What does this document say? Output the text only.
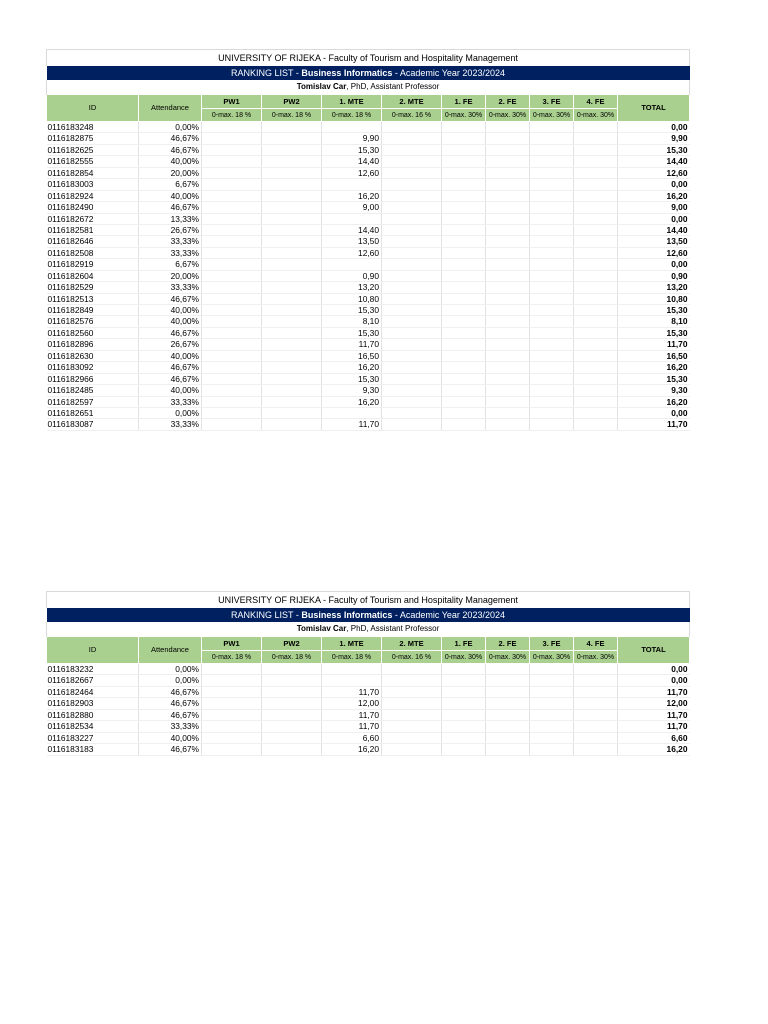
UNIVERSITY OF RIJEKA - Faculty of Tourism and Hospitality Management										
RANKING LIST - Business Informatics - Academic Year 2023/2024										
Tomislav Car, PhD, Assistant Professor										
ID	Attendance	PW1	PW2	1. MTE	2. MTE	1. FE	2. FE	3. FE	4. FE	TOTAL
		0-max. 18 %	0-max. 18 %	0-max. 18 %	0-max. 16 %	0-max. 30%	0-max. 30%	0-max. 30%	0-max. 30%	
0116183248	0,00%									0,00
0116182875	46,67%			9,90						9,90
0116182625	46,67%			15,30						15,30
0116182555	40,00%			14,40						14,40
0116182854	20,00%			12,60						12,60
0116183003	6,67%									0,00
0116182924	40,00%			16,20						16,20
0116182490	46,67%			9,00						9,00
0116182672	13,33%									0,00
0116182581	26,67%			14,40						14,40
0116182646	33,33%			13,50						13,50
0116182508	33,33%			12,60						12,60
0116182919	6,67%									0,00
0116182604	20,00%			0,90						0,90
0116182529	33,33%			13,20						13,20
0116182513	46,67%			10,80						10,80
0116182849	40,00%			15,30						15,30
0116182576	40,00%			8,10						8,10
0116182560	46,67%			15,30						15,30
0116182896	26,67%			11,70						11,70
0116182630	40,00%			16,50						16,50
0116183092	46,67%			16,20						16,20
0116182966	46,67%			15,30						15,30
0116182485	40,00%			9,30						9,30
0116182597	33,33%			16,20						16,20
0116182651	0,00%									0,00
0116183087	33,33%			11,70						11,70
UNIVERSITY OF RIJEKA - Faculty of Tourism and Hospitality Management										
RANKING LIST - Business Informatics - Academic Year 2023/2024										
Tomislav Car, PhD, Assistant Professor										
ID	Attendance	PW1	PW2	1. MTE	2. MTE	1. FE	2. FE	3. FE	4. FE	TOTAL
		0-max. 18 %	0-max. 18 %	0-max. 18 %	0-max. 16 %	0-max. 30%	0-max. 30%	0-max. 30%	0-max. 30%	
0116183232	0,00%									0,00
0116182667	0,00%									0,00
0116182464	46,67%			11,70						11,70
0116182903	46,67%			12,00						12,00
0116182880	46,67%			11,70						11,70
0116182534	33,33%			11,70						11,70
0116183227	40,00%			6,60						6,60
0116183183	46,67%			16,20						16,20
